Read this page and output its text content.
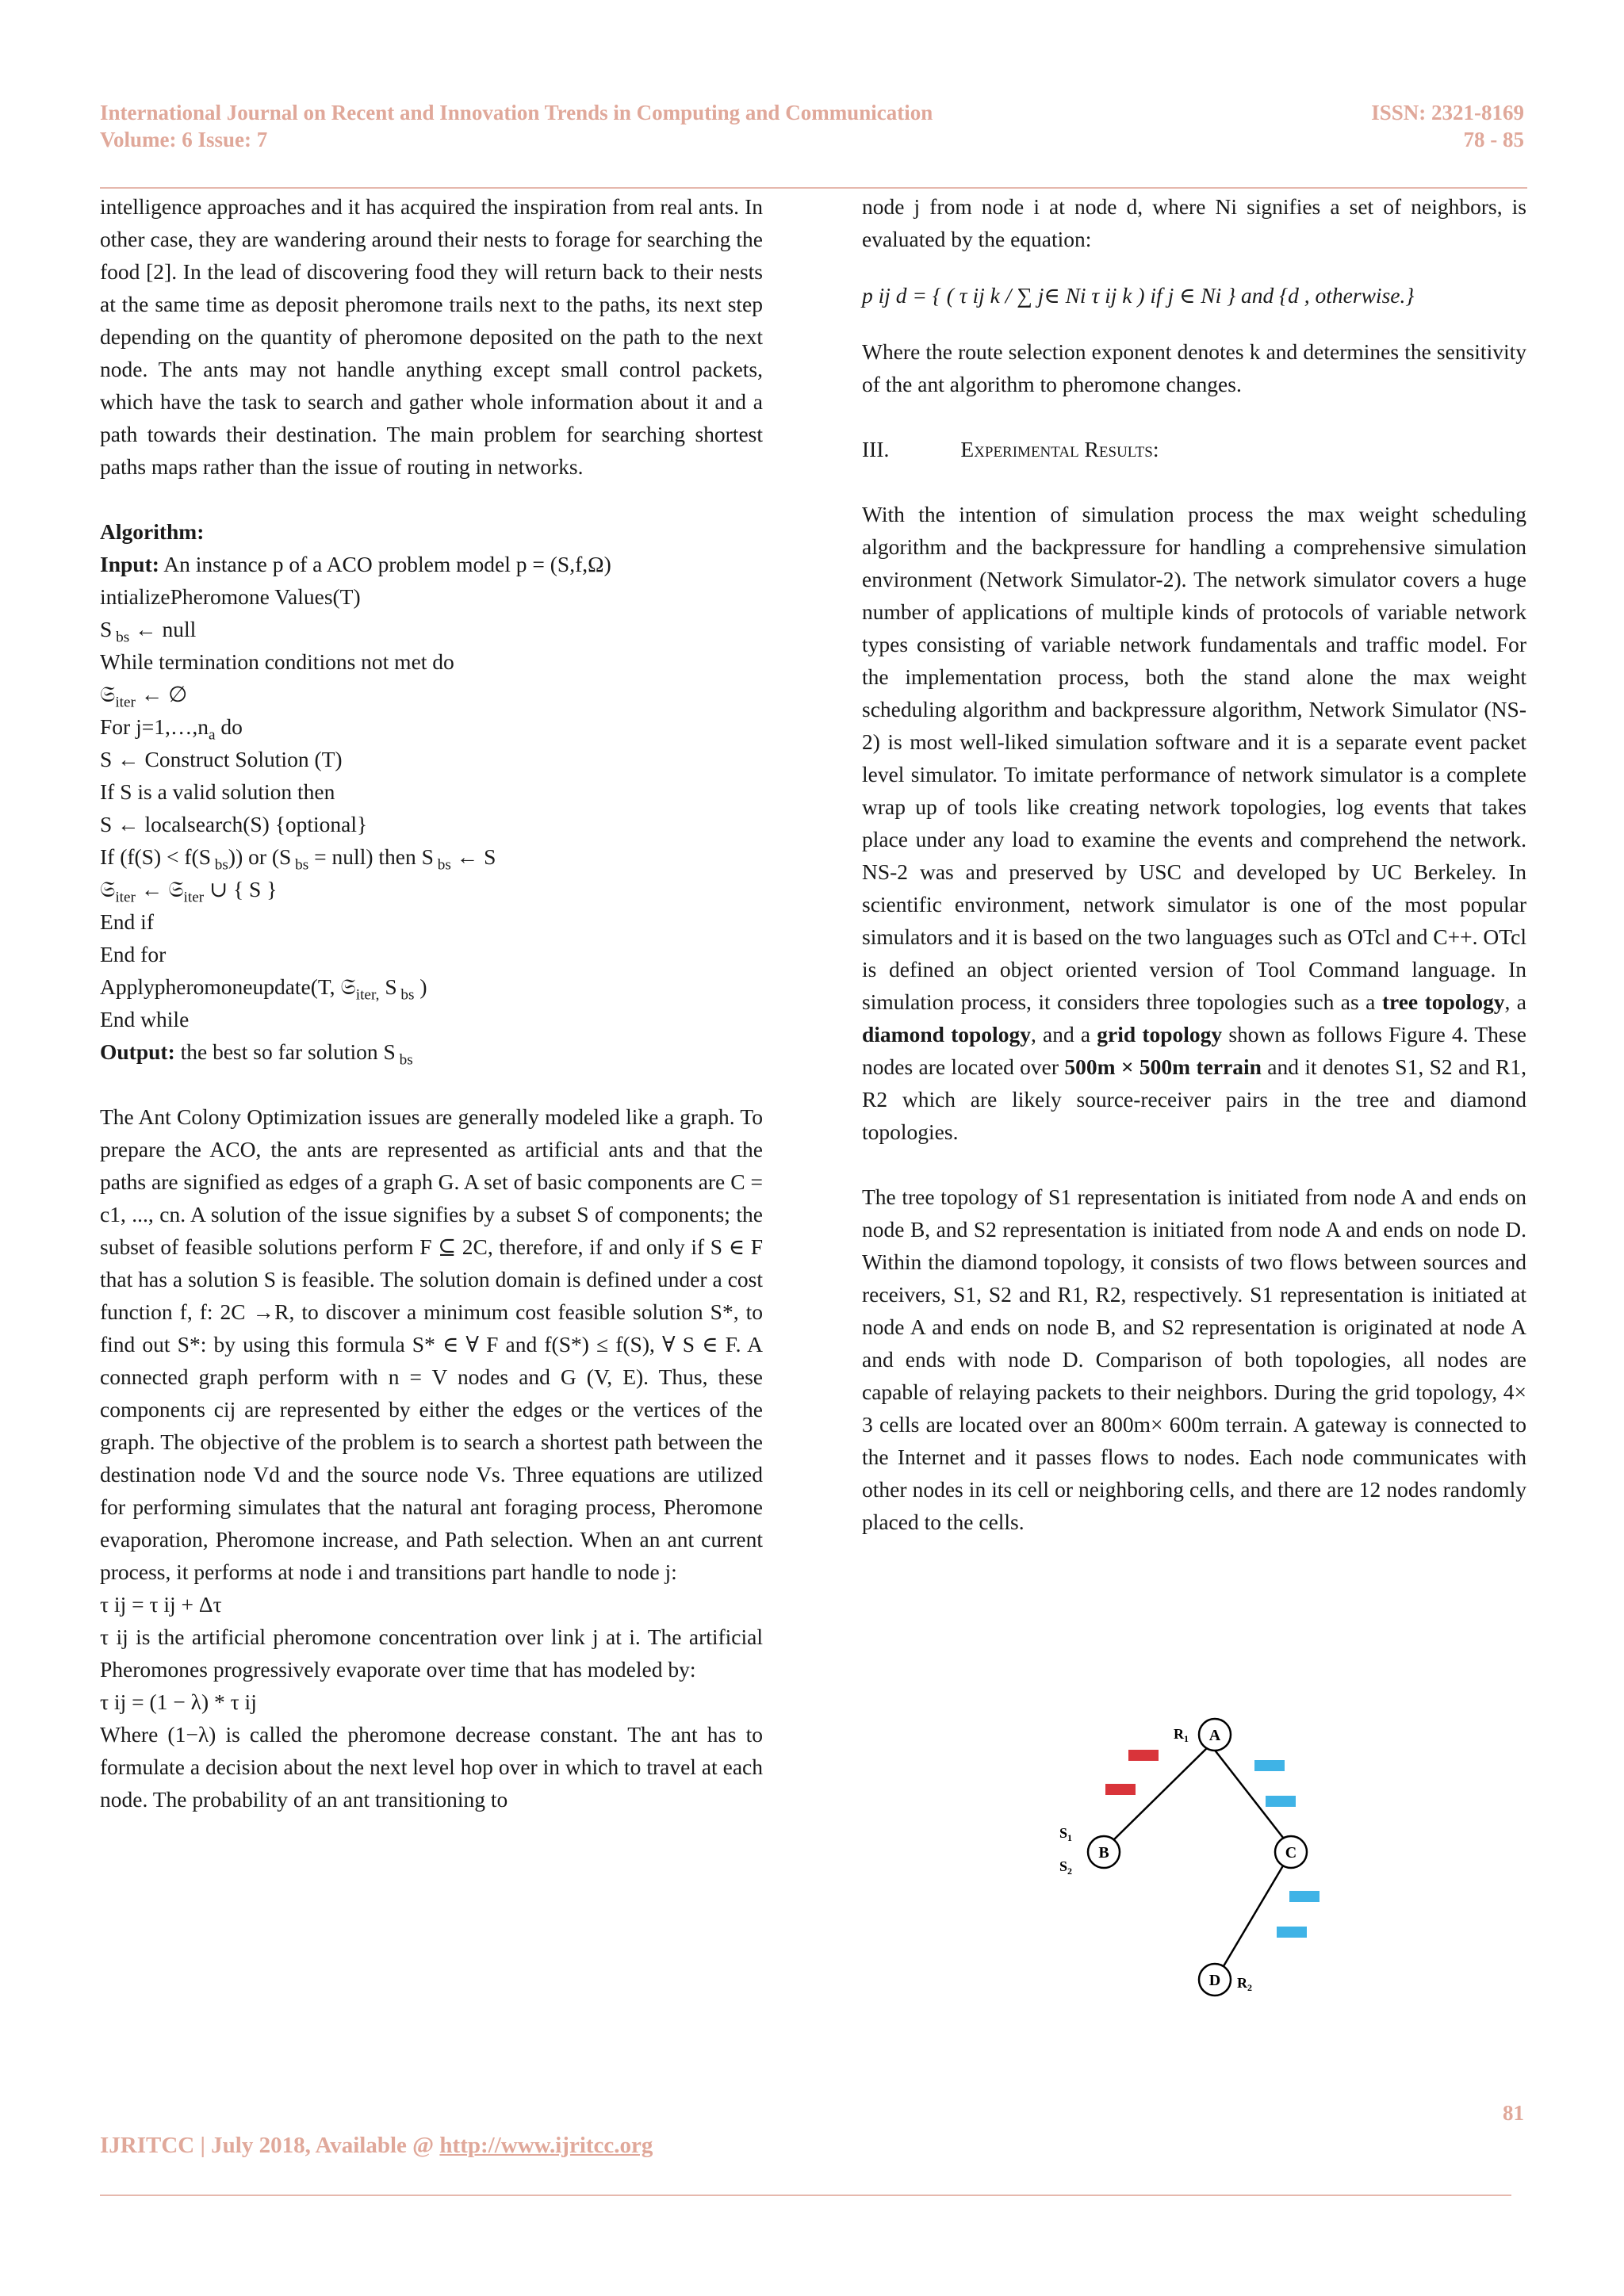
International Journal on Recent and Innovation Trends in Computing and Communication
Volume: 6 Issue: 7
ISSN: 2321-8169
78 - 85

intelligence approaches and it has acquired the inspiration from real ants. In other case, they are wandering around their nests to forage for searching the food [2]. In the lead of discovering food they will return back to their nests at the same time as deposit pheromone trails next to the paths, its next step depending on the quantity of pheromone deposited on the path to the next node. The ants may not handle anything except small control packets, which have the task to search and gather whole information about it and a path towards their destination. The main problem for searching shortest paths maps rather than the issue of routing in networks.

Algorithm:

Input: An instance p of a ACO problem model p = (S,f,Ω)

intializePheromone Values(T)

S $_{bs}$ ← null

While termination conditions not met do

𝔖$_{iter}$ ← ∅

For $j=1,\dots,n_a$ do

S ← Construct Solution (T)

If S is a valid solution then

S ← localsearch(S) {optional}

If (f(S) < f(S $_{bs}$)) or (S $_{bs}$ = null) then S $_{bs}$ ← S

𝔖$_{iter}$ ← 𝔖$_{iter}$ ∪ { S }

End if

End for

Applypheromoneupdate(T, 𝔖$_{iter,}$ S $_{bs}$ )

End while

Output: the best so far solution S $_{bs}$

The Ant Colony Optimization issues are generally modeled like a graph. To prepare the ACO, the ants are represented as artificial ants and that the paths are signified as edges of a graph G. A set of basic components are C = c1, ..., cn. A solution of the issue signifies by a subset S of components; the subset of feasible solutions perform F ⊆ 2C, therefore, if and only if S ∈ F that has a solution S is feasible. The solution domain is defined under a cost function f, f: 2C →R, to discover a minimum cost feasible solution S*, to find out S*: by using this formula S* ∈ ∀ F and f(S*) ≤ f(S), ∀ S ∈ F. A connected graph perform with n = V nodes and G (V, E). Thus, these components cij are represented by either the edges or the vertices of the graph. The objective of the problem is to search a shortest path between the destination node Vd and the source node Vs. Three equations are utilized for performing simulates that the natural ant foraging process, Pheromone evaporation, Pheromone increase, and Path selection. When an ant current process, it performs at node i and transitions part handle to node j:

τ ij = τ ij + Δτ

τ ij is the artificial pheromone concentration over link j at i. The artificial Pheromones progressively evaporate over time that has modeled by:

τ ij = (1 − λ) * τ ij

Where (1−λ) is called the pheromone decrease constant. The ant has to formulate a decision about the next level hop over in which to travel at each node. The probability of an ant transitioning to

node j from node i at node d, where Ni signifies a set of neighbors, is evaluated by the equation:

p ij d = { ( τ ij k / ∑ j∈ Ni τ ij k ) if j ∈ Ni } and {d , otherwise.}

Where the route selection exponent denotes k and determines the sensitivity of the ant algorithm to pheromone changes.

III.	Experimental Results:

With the intention of simulation process the max weight scheduling algorithm and the backpressure for handling a comprehensive simulation environment (Network Simulator-2). The network simulator covers a huge number of applications of multiple kinds of protocols of variable network types consisting of variable network fundamentals and traffic model. For the implementation process, both the stand alone the max weight scheduling algorithm and backpressure algorithm, Network Simulator (NS-2) is most well-liked simulation software and it is a separate event packet level simulator. To imitate performance of network simulator is a complete wrap up of tools like creating network topologies, log events that takes place under any load to examine the events and comprehend the network. NS-2 was and preserved by USC and developed by UC Berkeley. In scientific environment, network simulator is one of the most popular simulators and it is based on the two languages such as OTcl and C++. OTcl is defined an object oriented version of Tool Command language. In simulation process, it considers three topologies such as a tree topology, a diamond topology, and a grid topology shown as follows Figure 4. These nodes are located over 500m × 500m terrain and it denotes S1, S2 and R1, R2 which are likely source-receiver pairs in the tree and diamond topologies.

The tree topology of S1 representation is initiated from node A and ends on node B, and S2 representation is initiated from node A and ends on node D. Within the diamond topology, it consists of two flows between sources and receivers, S1, S2 and R1, R2, respectively. S1 representation is initiated at node A and ends on node B, and S2 representation is originated at node A and ends with node D. Comparison of both topologies, all nodes are capable of relaying packets to their neighbors. During the grid topology, 4× 3 cells are located over an 800m× 600m terrain. A gateway is connected to the Internet and it passes flows to nodes. Each node communicates with other nodes in its cell or neighboring cells, and there are 12 nodes randomly placed to the cells.

A
B	C
D
$R_1$
$R_2$
$S_1$
$S_2$
81
IJRITCC | July 2018, Available @ http://www.ijritcc.org
